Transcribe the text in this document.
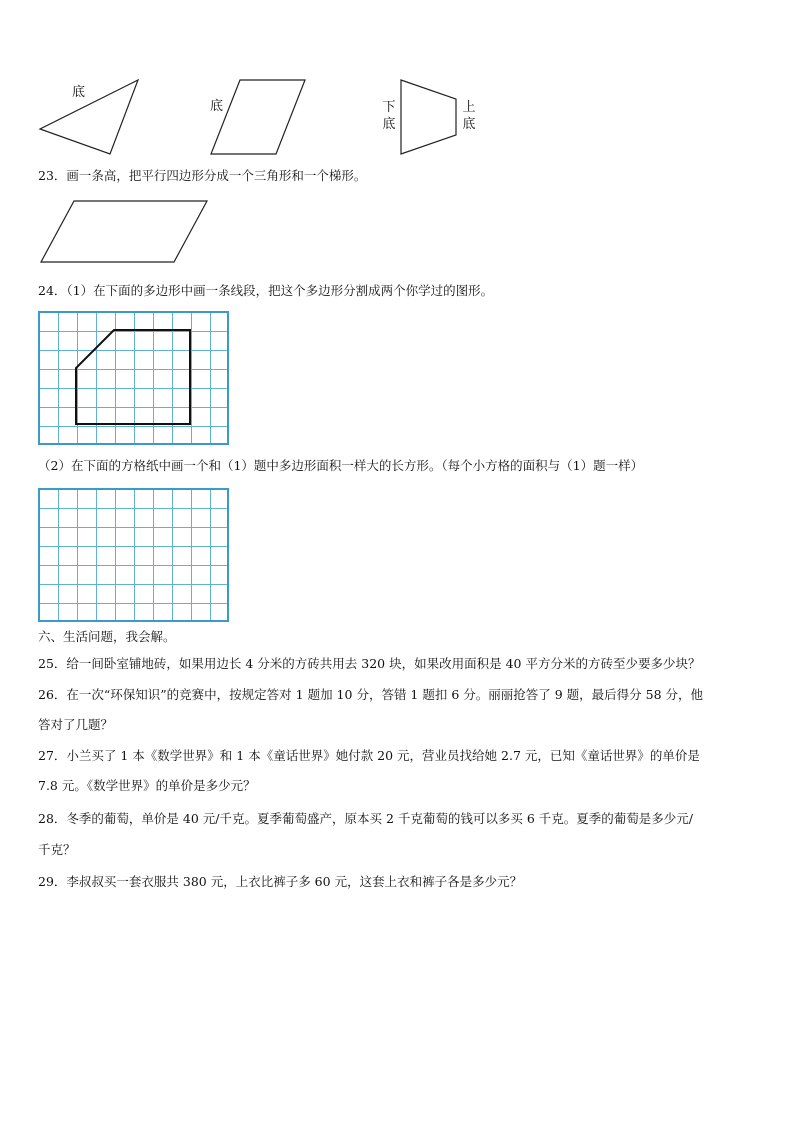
底
底	下
底
上
底
23．画一条高，把平行四边形分成一个三角形和一个梯形。
24．（1）在下面的多边形中画一条线段，把这个多边形分割成两个你学过的图形。
（2）在下面的方格纸中画一个和（1）题中多边形面积一样大的长方形。（每个小方格的面积与（1）题一样）
六、生活问题，我会解。
25．给一间卧室铺地砖，如果用边长 4 分米的方砖共用去 320 块，如果改用面积是 40 平方分米的方砖至少要多少块？
26．在一次“环保知识”的竞赛中，按规定答对 1 题加 10 分，答错 1 题扣 6 分。丽丽抢答了 9 题，最后得分 58 分，他
答对了几题？
27．小兰买了 1 本《数学世界》和 1 本《童话世界》她付款 20 元，营业员找给她 2.7 元，已知《童话世界》的单价是
7.8 元。《数学世界》的单价是多少元？
28．冬季的葡萄，单价是 40 元/千克。夏季葡萄盛产，原本买 2 千克葡萄的钱可以多买 6 千克。夏季的葡萄是多少元/
千克？
29．李叔叔买一套衣服共 380 元，上衣比裤子多 60 元，这套上衣和裤子各是多少元？
